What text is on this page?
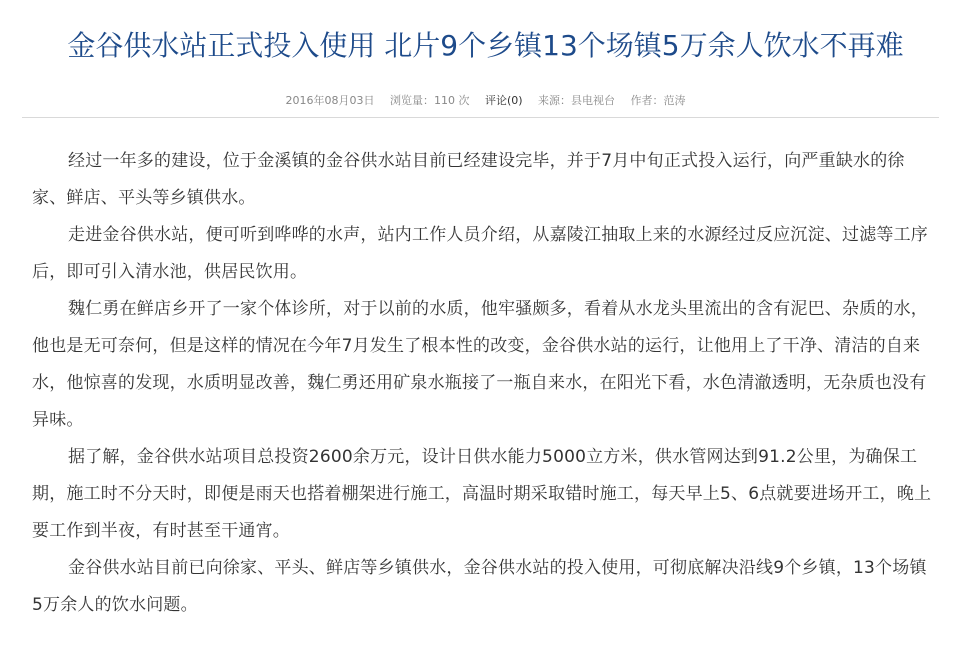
金谷供水站正式投入使用 北片9个乡镇13个场镇5万余人饮水不再难
2016年08月03日 浏览量：110 次 评论(0) 来源：县电视台 作者：范涛

经过一年多的建设，位于金溪镇的金谷供水站目前已经建设完毕，并于7月中旬正式投入运行，向严重缺水的徐家、鲜店、平头等乡镇供水。

走进金谷供水站，便可听到哗哗的水声，站内工作人员介绍，从嘉陵江抽取上来的水源经过反应沉淀、过滤等工序后，即可引入清水池，供居民饮用。

魏仁勇在鲜店乡开了一家个体诊所，对于以前的水质，他牢骚颇多，看着从水龙头里流出的含有泥巴、杂质的水，他也是无可奈何，但是这样的情况在今年7月发生了根本性的改变，金谷供水站的运行，让他用上了干净、清洁的自来水，他惊喜的发现，水质明显改善，魏仁勇还用矿泉水瓶接了一瓶自来水，在阳光下看，水色清澈透明，无杂质也没有异味。

据了解，金谷供水站项目总投资2600余万元，设计日供水能力5000立方米，供水管网达到91.2公里，为确保工期，施工时不分天时，即便是雨天也搭着棚架进行施工，高温时期采取错时施工，每天早上5、6点就要进场开工，晚上要工作到半夜，有时甚至干通宵。

金谷供水站目前已向徐家、平头、鲜店等乡镇供水，金谷供水站的投入使用，可彻底解决沿线9个乡镇，13个场镇5万余人的饮水问题。
